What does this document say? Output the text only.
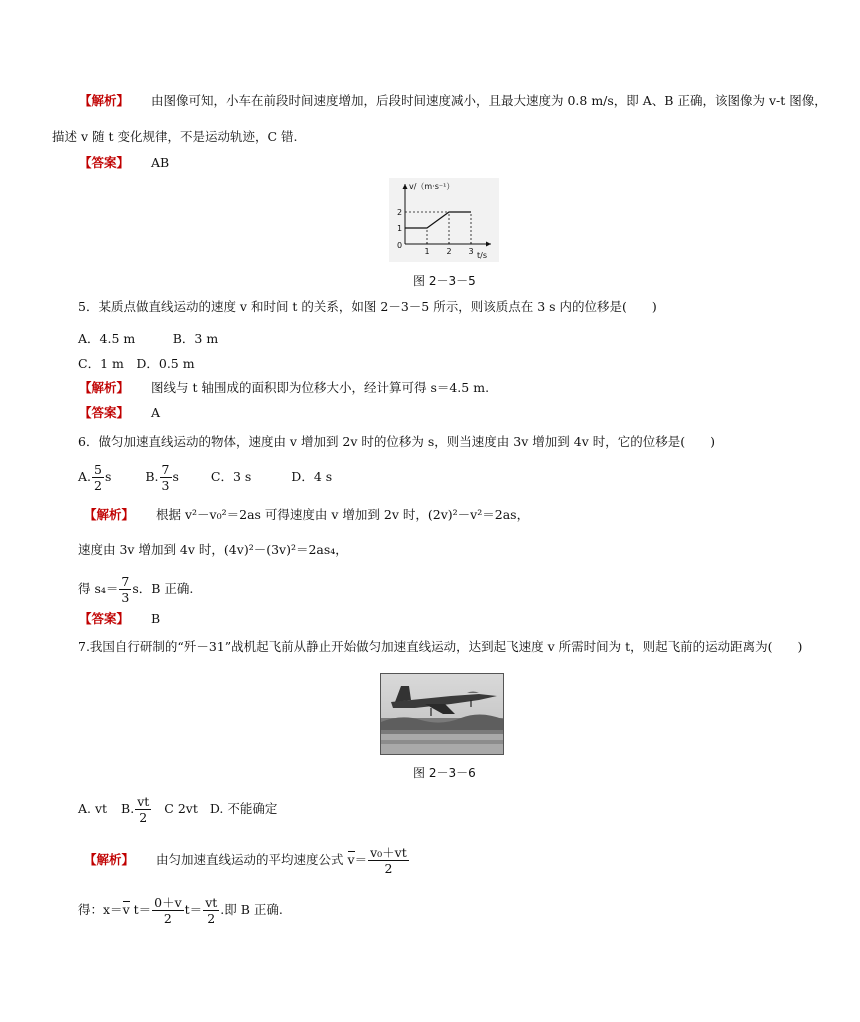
【解析】 由图像可知，小车在前段时间速度增加，后段时间速度减小，且最大速度为 0.8 m/s，即 A、B 正确，该图像为 v-t 图像，
描述 v 随 t 变化规律，不是运动轨迹，C 错.
【答案】 AB
v/（m·s⁻¹）
t/s
2
1
0
1 2 3
图 2－3－5
5．某质点做直线运动的速度 v 和时间 t 的关系，如图 2－3－5 所示，则该质点在 3 s 内的位移是(　　)
A．4.5 m　　　B．3 m
C．1 m　D．0.5 m
【解析】 图线与 t 轴围成的面积即为位移大小，经计算可得 s＝4.5 m.
【答案】 A
6．做匀加速直线运动的物体，速度由 v 增加到 2v 时的位移为 s，则当速度由 3v 增加到 4v 时，它的位移是(　　)
A. $\frac{5}{2}$ s	B. $\frac{7}{3}$ s	C．3 s	D．4 s
【解析】 根据 v²－v₀²＝2as 可得速度由 v 增加到 2v 时，(2v)²－v²＝2as，
速度由 3v 增加到 4v 时，(4v)²－(3v)²＝2as₄，
得 $s_4= \frac{7}{3}$ s．B 正确.
【答案】 B
7.我国自行研制的“歼－31”战机起飞前从静止开始做匀加速直线运动，达到起飞速度 v 所需时间为 t，则起飞前的运动距离为(　　)
图 2－3－6
A. vt B. $\frac{vt}{2}$ C 2vt D. 不能确定
【解析】 由匀加速直线运动的平均速度公式 $v= \frac{\text{v₀＋vt}}{2}$
得：x＝v $t= \frac{0+v}{2} t= \frac{vt}{2}$ .即 B 正确.
